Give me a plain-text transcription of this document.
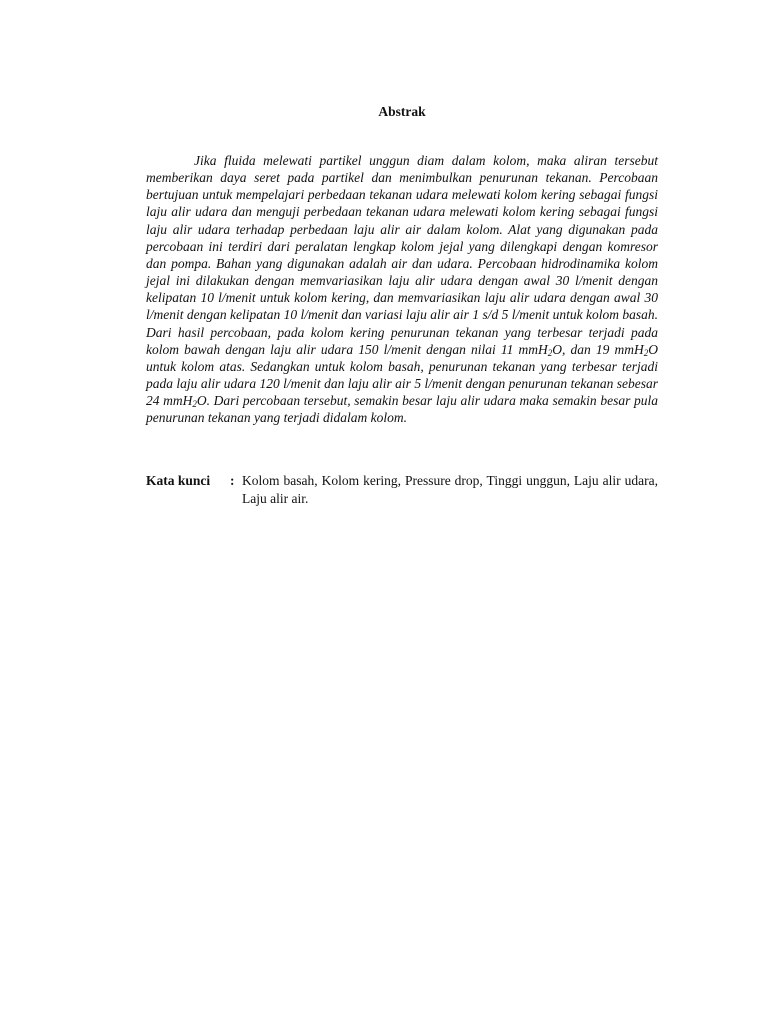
Abstrak

Jika fluida melewati partikel unggun diam dalam kolom, maka aliran tersebut memberikan daya seret pada partikel dan menimbulkan penurunan tekanan. Percobaan bertujuan untuk mempelajari perbedaan tekanan udara melewati kolom kering sebagai fungsi laju alir udara dan menguji perbedaan tekanan udara melewati kolom kering sebagai fungsi laju alir udara terhadap perbedaan laju alir air dalam kolom. Alat yang digunakan pada percobaan ini terdiri dari peralatan lengkap kolom jejal yang dilengkapi dengan komresor dan pompa. Bahan yang digunakan adalah air dan udara. Percobaan hidrodinamika kolom jejal ini dilakukan dengan memvariasikan laju alir udara dengan awal 30 l/menit dengan kelipatan 10 l/menit untuk kolom kering, dan memvariasikan laju alir udara dengan awal 30 l/menit dengan kelipatan 10 l/menit dan variasi laju alir air 1 s/d 5 l/menit untuk kolom basah. Dari hasil percobaan, pada kolom kering penurunan tekanan yang terbesar terjadi pada kolom bawah dengan laju alir udara 150 l/menit dengan nilai 11 mmH$_2$O, dan 19 mmH$_2$O untuk kolom atas. Sedangkan untuk kolom basah, penurunan tekanan yang terbesar terjadi pada laju alir udara 120 l/menit dan laju alir air 5 l/menit dengan penurunan tekanan sebesar 24 mmH$_2$O. Dari percobaan tersebut, semakin besar laju alir udara maka semakin besar pula penurunan tekanan yang terjadi didalam kolom.

Kata kunci : Kolom basah, Kolom kering, Pressure drop, Tinggi unggun, Laju alir udara, Laju alir air.
